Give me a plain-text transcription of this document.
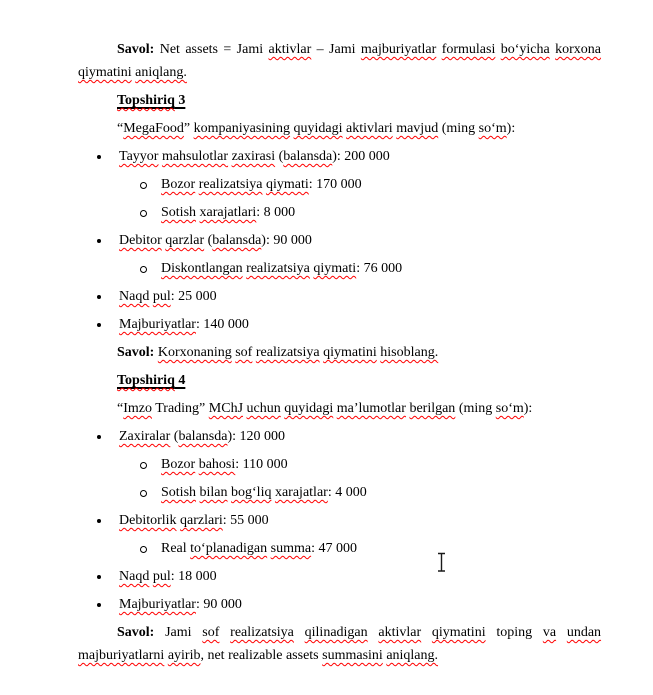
Savol: Net assets = Jami aktivlar – Jami majburiyatlar formulasi bo‘yicha korxona qiymatini aniqlang.
Topshiriq 3
“MegaFood” kompaniyasining quyidagi aktivlari mavjud (ming so‘m):
Tayyor mahsulotlar zaxirasi (balansda): 200 000
Bozor realizatsiya qiymati: 170 000
Sotish xarajatlari: 8 000
Debitor qarzlar (balansda): 90 000
Diskontlangan realizatsiya qiymati: 76 000
Naqd pul: 25 000
Majburiyatlar: 140 000
Savol: Korxonaning sof realizatsiya qiymatini hisoblang.
Topshiriq 4
“Imzo Trading” MChJ uchun quyidagi ma’lumotlar berilgan (ming so‘m):
Zaxiralar (balansda): 120 000
Bozor bahosi: 110 000
Sotish bilan bog‘liq xarajatlar: 4 000
Debitorlik qarzlari: 55 000
Real to‘planadigan summa: 47 000
Naqd pul: 18 000
Majburiyatlar: 90 000
Savol: Jami sof realizatsiya qilinadigan aktivlar qiymatini toping va undan majburiyatlarni ayirib, net realizable assets summasini aniqlang.
